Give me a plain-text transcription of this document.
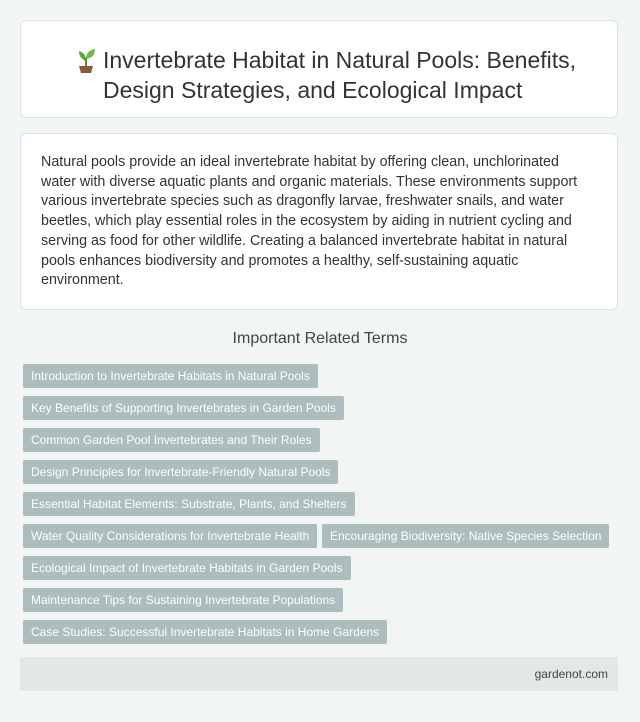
Invertebrate Habitat in Natural Pools: Benefits, Design Strategies, and Ecological Impact
Natural pools provide an ideal invertebrate habitat by offering clean, unchlorinated water with diverse aquatic plants and organic materials. These environments support various invertebrate species such as dragonfly larvae, freshwater snails, and water beetles, which play essential roles in the ecosystem by aiding in nutrient cycling and serving as food for other wildlife. Creating a balanced invertebrate habitat in natural pools enhances biodiversity and promotes a healthy, self-sustaining aquatic environment.
Important Related Terms
Introduction to Invertebrate Habitats in Natural Pools
Key Benefits of Supporting Invertebrates in Garden Pools
Common Garden Pool Invertebrates and Their Roles
Design Principles for Invertebrate-Friendly Natural Pools
Essential Habitat Elements: Substrate, Plants, and Shelters
Water Quality Considerations for Invertebrate Health	Encouraging Biodiversity: Native Species Selection
Ecological Impact of Invertebrate Habitats in Garden Pools
Maintenance Tips for Sustaining Invertebrate Populations
Case Studies: Successful Invertebrate Habitats in Home Gardens
gardenot.com
